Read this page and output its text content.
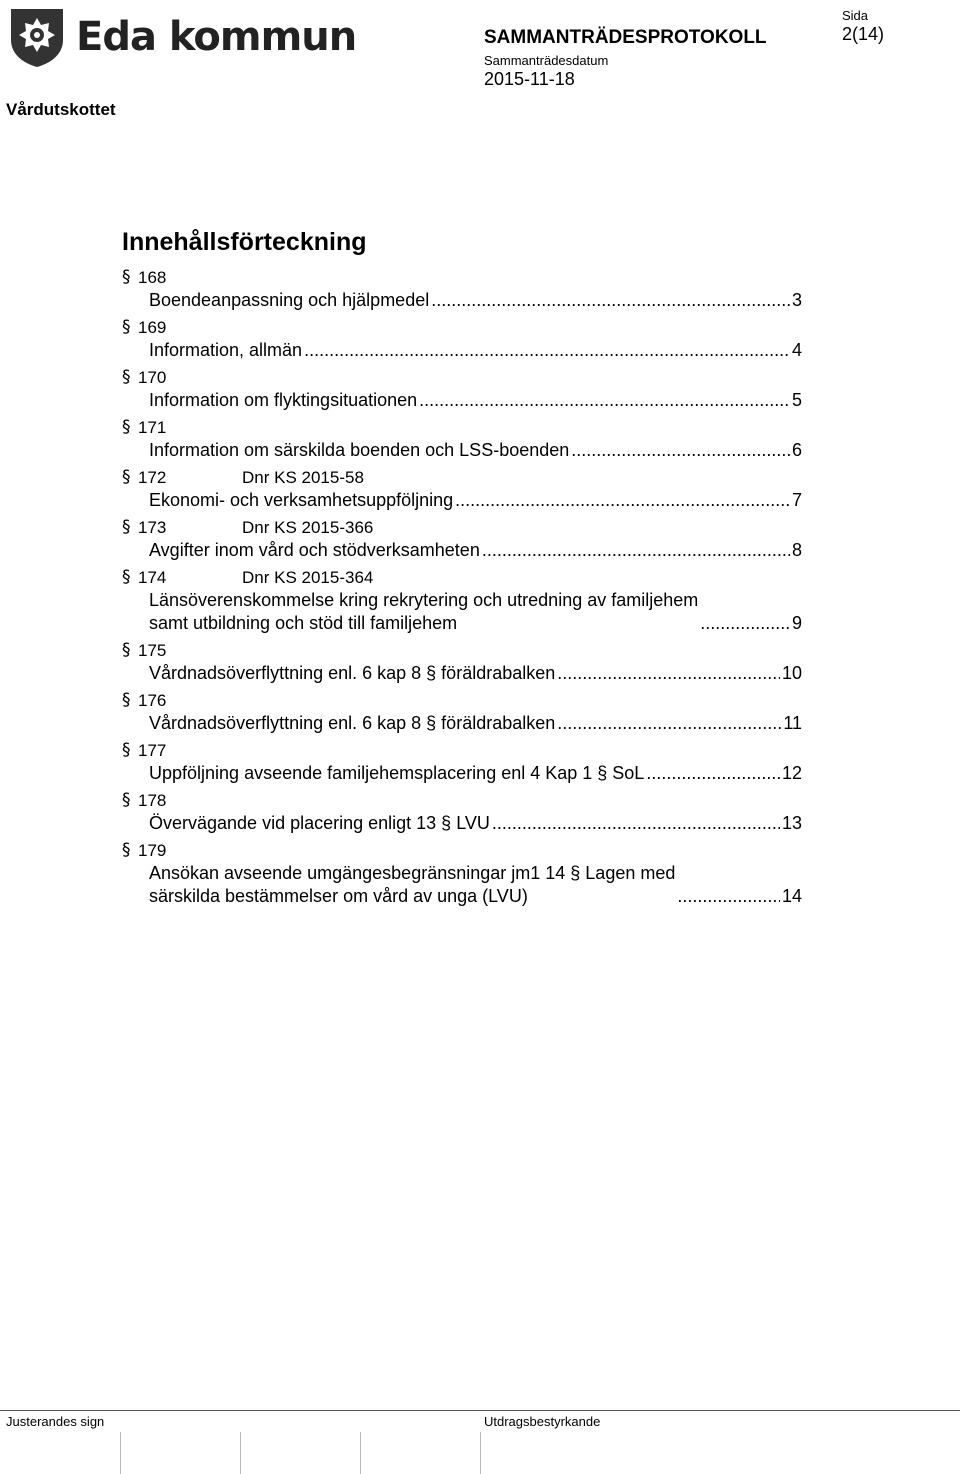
Eda kommun
Vårdutskottet
SAMMANTRÄDESPROTOKOLL
Sammanträdesdatum
2015-11-18
Sida
2(14)
Innehållsförteckning
§ 168
Boendeanpassning och hjälpmedel .....	3
§ 169
Information, allmän .....	4
§ 170
Information om flyktingsituationen .....	5
§ 171
Information om särskilda boenden och LSS-boenden .....	6
§ 172	Dnr KS 2015-58
Ekonomi- och verksamhetsuppföljning .....	7
§ 173	Dnr KS 2015-366
Avgifter inom vård och stödverksamheten .....	8
§ 174	Dnr KS 2015-364
Länsöverenskommelse kring rekrytering och utredning av familjehem
samt utbildning och stöd till familjehem .....	9
§ 175
Vårdnadsöverflyttning enl. 6 kap 8 § föräldrabalken .....	10
§ 176
Vårdnadsöverflyttning enl. 6 kap 8 § föräldrabalken .....	11
§ 177
Uppföljning avseende familjehemsplacering enl 4 Kap 1 § SoL .....	12
§ 178
Övervägande vid placering enligt 13 § LVU .....	13
§ 179
Ansökan avseende umgängesbegränsningar jm1 14 § Lagen med
särskilda bestämmelser om vård av unga (LVU) .....	14
Justerandes sign	Utdragsbestyrkande
